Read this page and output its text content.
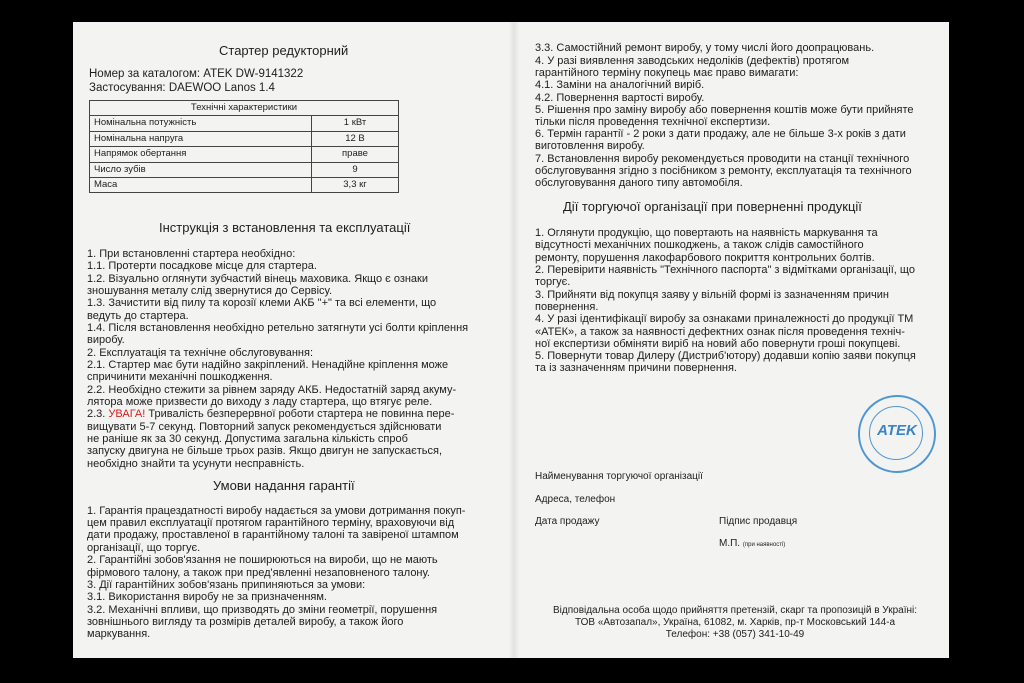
Стартер редукторний
Номер за каталогом: ATEK DW-9141322
Застосування: DAEWOO Lanos 1.4
Технічні характеристики	
Номінальна потужність	1 кВт
Номінальна напруга	12 В
Напрямок обертання	праве
Число зубів	9
Маса	3,3 кг
Інструкція з встановлення та експлуатації
1. При встановленні стартера необхідно:
1.1. Протерти посадкове місце для стартера.
1.2. Візуально оглянути зубчастий вінець маховика. Якщо є ознаки
зношування металу слід звернутися до Сервісу.
1.3. Зачистити від пилу та корозії клеми АКБ "+" та всі елементи, що
ведуть до стартера.
1.4. Після встановлення необхідно ретельно затягнути усі болти кріплення
виробу.
2. Експлуатація та технічне обслуговування:
2.1. Стартер має бути надійно закріплений. Ненадійне кріплення може
спричинити механічні пошкодження.
2.2. Необхідно стежити за рівнем заряду АКБ. Недостатній заряд акуму-
лятора може призвести до виходу з ладу стартера, що втягує реле.
2.3. УВАГА! Тривалість безперервної роботи стартера не повинна пере-
вищувати 5-7 секунд. Повторний запуск рекомендується здійснювати
не раніше як за 30 секунд. Допустима загальна кількість спроб
запуску двигуна не більше трьох разів. Якщо двигун не запускається,
необхідно знайти та усунути несправність.
Умови надання гарантії
1. Гарантія працездатності виробу надається за умови дотримання покуп-
цем правил експлуатації протягом гарантійного терміну, враховуючи від
дати продажу, проставленої в гарантійному талоні та завіреної штампом
організації, що торгує.
2. Гарантійні зобов'язання не поширюються на вироби, що не мають
фірмового талону, а також при пред'явленні незаповненого талону.
3. Дії гарантійних зобов'язань припиняються за умови:
3.1. Використання виробу не за призначенням.
3.2. Механічні впливи, що призводять до зміни геометрії, порушення
зовнішнього вигляду та розмірів деталей виробу, а також його
маркування.
3.3. Самостійний ремонт виробу, у тому числі його доопрацювань.
4. У разі виявлення заводських недоліків (дефектів) протягом
гарантійного терміну покупець має право вимагати:
4.1. Заміни на аналогічний виріб.
4.2. Повернення вартості виробу.
5. Рішення про заміну виробу або повернення коштів може бути прийняте
тільки після проведення технічної експертизи.
6. Термін гарантії - 2 роки з дати продажу, але не більше 3-х років з дати
виготовлення виробу.
7. Встановлення виробу рекомендується проводити на станції технічного
обслуговування згідно з посібником з ремонту, експлуатація та технічного
обслуговування даного типу автомобіля.
Дії торгуючої організації при поверненні продукції
1. Оглянути продукцію, що повертають на наявність маркування та
відсутності механічних пошкоджень, а також слідів самостійного
ремонту, порушення лакофарбового покриття контрольних болтів.
2. Перевірити наявність "Технічного паспорта" з відмітками організації, що
торгує.
3. Прийняти від покупця заяву у вільній формі із зазначенням причин
повернення.
4. У разі ідентифікації виробу за ознаками приналежності до продукції ТМ
«АТЕК», а також за наявності дефектних ознак після проведення техніч-
ної експертизи обміняти виріб на новий або повернути гроші покупцеві.
5. Повернути товар Дилеру (Дистриб'ютору) додавши копію заяви покупця
та із зазначенням причини повернення.
ATEK
Найменування торгуючої організації
Адреса, телефон
Дата продажу	Підпис продавця
М.П. (при наявності)
Відповідальна особа щодо прийняття претензій, скарг та пропозицій в Україні:
ТОВ «Автозапал», Україна, 61082, м. Харків, пр-т Московський 144-а
Телефон: +38 (057) 341-10-49
